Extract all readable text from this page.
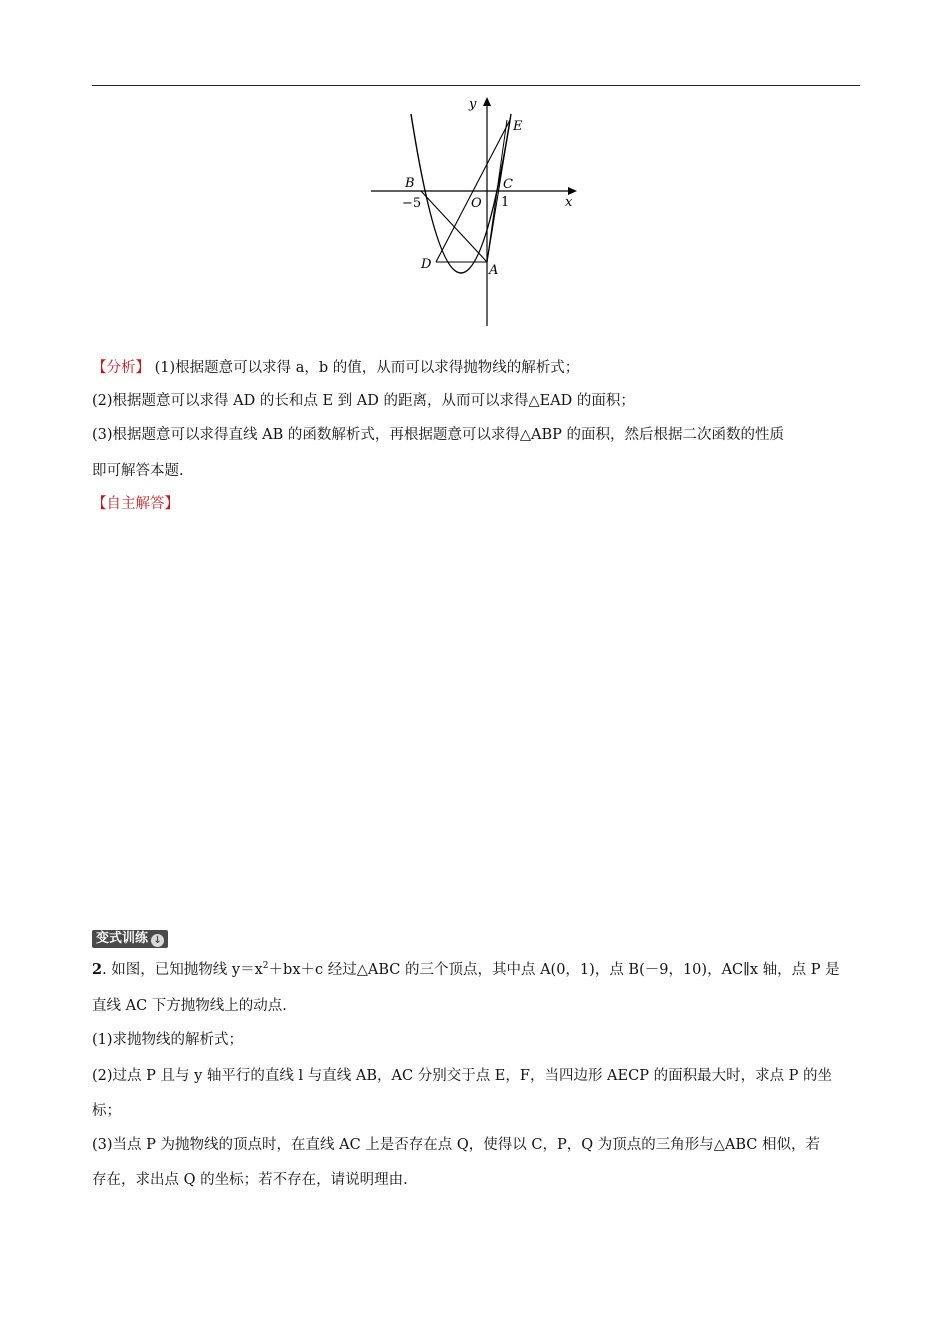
y
E
B	C
−5	O 1	x
D	A
【分析】 (1)根据题意可以求得 a，b 的值，从而可以求得抛物线的解析式；
(2)根据题意可以求得 AD 的长和点 E 到 AD 的距离，从而可以求得△EAD 的面积；
(3)根据题意可以求得直线 AB 的函数解析式，再根据题意可以求得△ABP 的面积，然后根据二次函数的性质
即可解答本题.
【自主解答】
变式训练 ↓
2. 如图，已知抛物线 $y=x^2+bx+c$ 经过△ABC 的三个顶点，其中点 A(0，1)，点 B(－9，10)，AC∥x 轴，点 P 是
直线 AC 下方抛物线上的动点.
(1)求抛物线的解析式；
(2)过点 P 且与 y 轴平行的直线 l 与直线 AB，AC 分别交于点 E，F，当四边形 AECP 的面积最大时，求点 P 的坐
标；
(3)当点 P 为抛物线的顶点时，在直线 AC 上是否存在点 Q，使得以 C，P，Q 为顶点的三角形与△ABC 相似，若
存在，求出点 Q 的坐标；若不存在，请说明理由.
